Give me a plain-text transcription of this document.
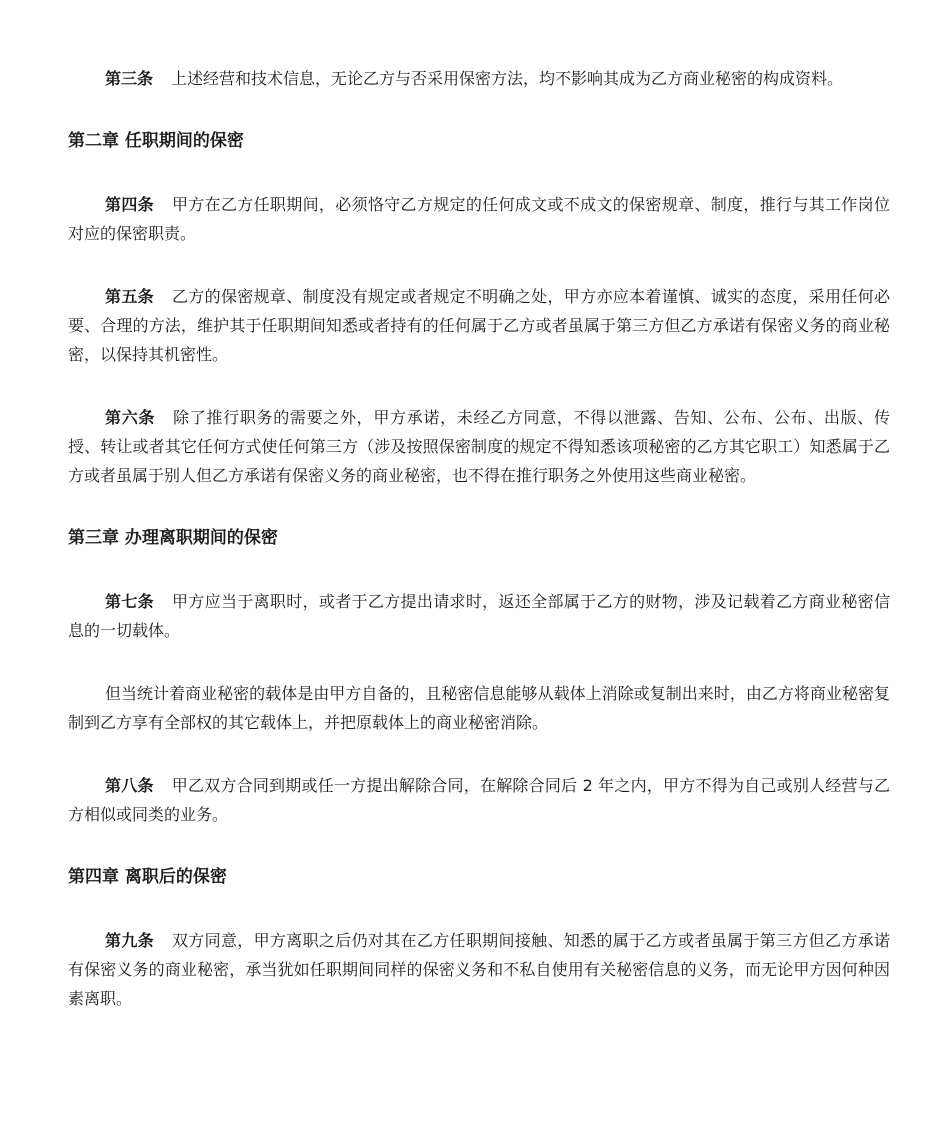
第三条 上述经营和技术信息，无论乙方与否采用保密方法，均不影响其成为乙方商业秘密的构成资料。

第二章 任职期间的保密

第四条 甲方在乙方任职期间，必须恪守乙方规定的任何成文或不成文的保密规章、制度，推行与其工作岗位对应的保密职责。

第五条 乙方的保密规章、制度没有规定或者规定不明确之处，甲方亦应本着谨慎、诚实的态度，采用任何必要、合理的方法，维护其于任职期间知悉或者持有的任何属于乙方或者虽属于第三方但乙方承诺有保密义务的商业秘密，以保持其机密性。

第六条 除了推行职务的需要之外，甲方承诺，未经乙方同意，不得以泄露、告知、公布、公布、出版、传授、转让或者其它任何方式使任何第三方（涉及按照保密制度的规定不得知悉该项秘密的乙方其它职工）知悉属于乙方或者虽属于别人但乙方承诺有保密义务的商业秘密，也不得在推行职务之外使用这些商业秘密。

第三章 办理离职期间的保密

第七条 甲方应当于离职时，或者于乙方提出请求时，返还全部属于乙方的财物，涉及记载着乙方商业秘密信息的一切载体。

但当统计着商业秘密的载体是由甲方自备的，且秘密信息能够从载体上消除或复制出来时，由乙方将商业秘密复制到乙方享有全部权的其它载体上，并把原载体上的商业秘密消除。

第八条 甲乙双方合同到期或任一方提出解除合同，在解除合同后 2 年之内，甲方不得为自己或别人经营与乙方相似或同类的业务。

第四章 离职后的保密

第九条 双方同意，甲方离职之后仍对其在乙方任职期间接触、知悉的属于乙方或者虽属于第三方但乙方承诺有保密义务的商业秘密，承当犹如任职期间同样的保密义务和不私自使用有关秘密信息的义务，而无论甲方因何种因素离职。
